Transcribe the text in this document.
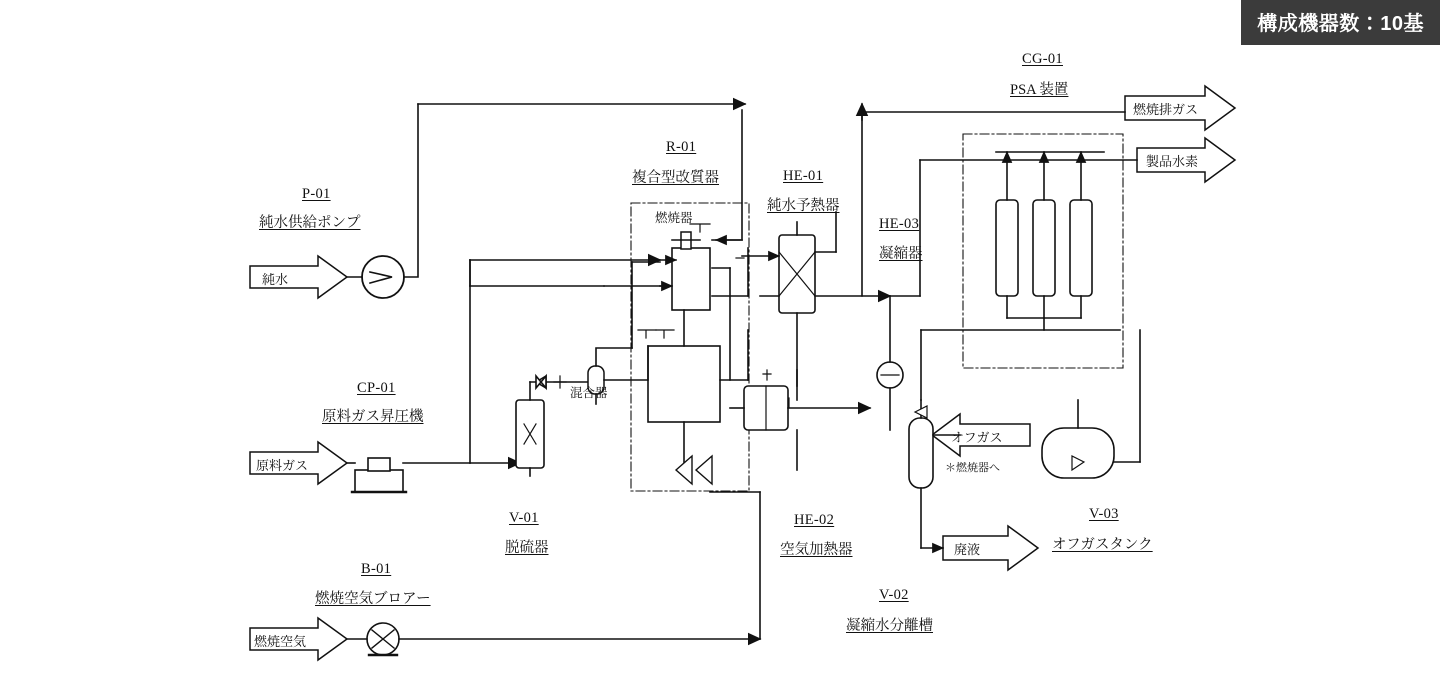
P-01
純水供給ポンプ
CP-01
原料ガス昇圧機
B-01
燃焼空気ブロアー
V-01
脱硫器
R-01
複合型改質器
燃焼器
混合器
HE-01
純水予熱器
HE-02
空気加熱器
HE-03
凝縮器
V-02
凝縮水分離槽
V-03
オフガスタンク
CG-01
PSA 装置
純水
原料ガス
燃焼空気
燃焼排ガス
製品水素
廃液
オフガス
＊燃焼器へ
構成機器数：10基
